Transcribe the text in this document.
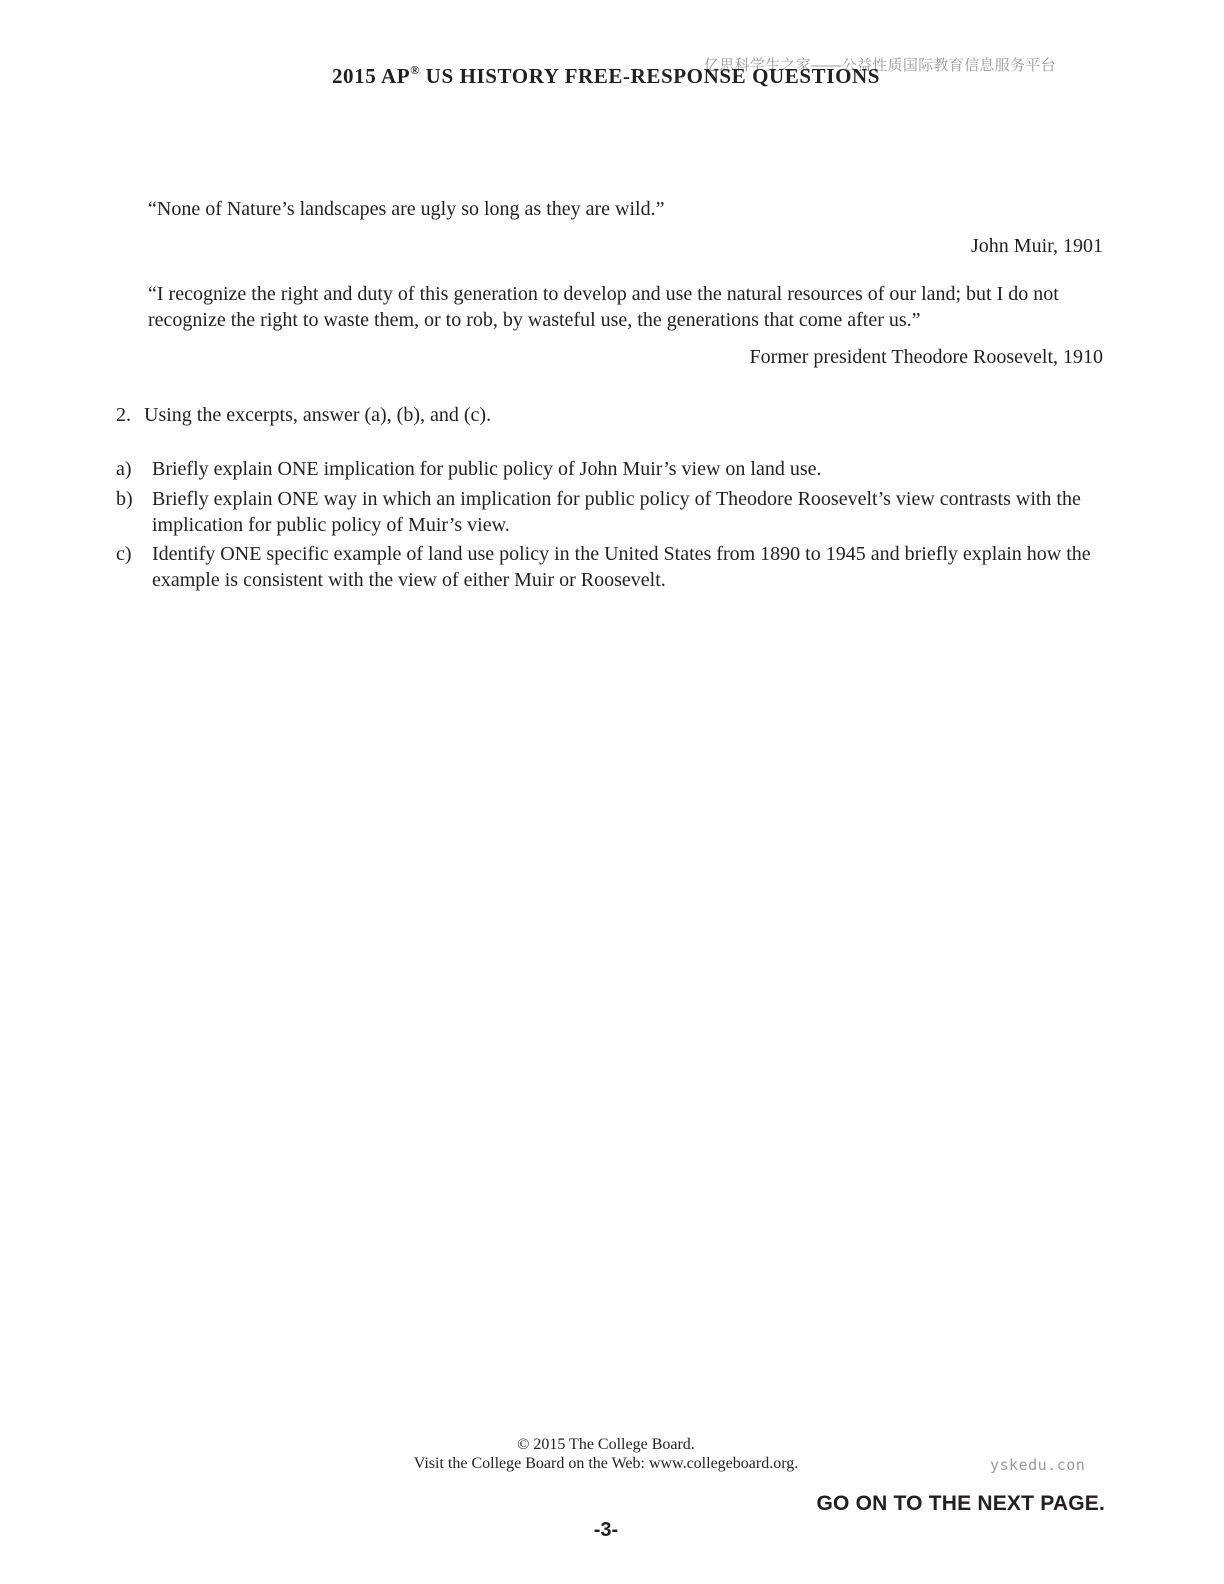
亿思科学生之家——公益性质国际教育信息服务平台
2015 AP® US HISTORY FREE-RESPONSE QUESTIONS
“None of Nature’s landscapes are ugly so long as they are wild.”
John Muir, 1901
“I recognize the right and duty of this generation to develop and use the natural resources of our land; but I do not recognize the right to waste them, or to rob, by wasteful use, the generations that come after us.”
Former president Theodore Roosevelt, 1910
2. Using the excerpts, answer (a), (b), and (c).
a) Briefly explain ONE implication for public policy of John Muir’s view on land use.
b) Briefly explain ONE way in which an implication for public policy of Theodore Roosevelt’s view contrasts with the implication for public policy of Muir’s view.
c) Identify ONE specific example of land use policy in the United States from 1890 to 1945 and briefly explain how the example is consistent with the view of either Muir or Roosevelt.
© 2015 The College Board.
Visit the College Board on the Web: www.collegeboard.org.	yskedu.con
GO ON TO THE NEXT PAGE.
-3-
